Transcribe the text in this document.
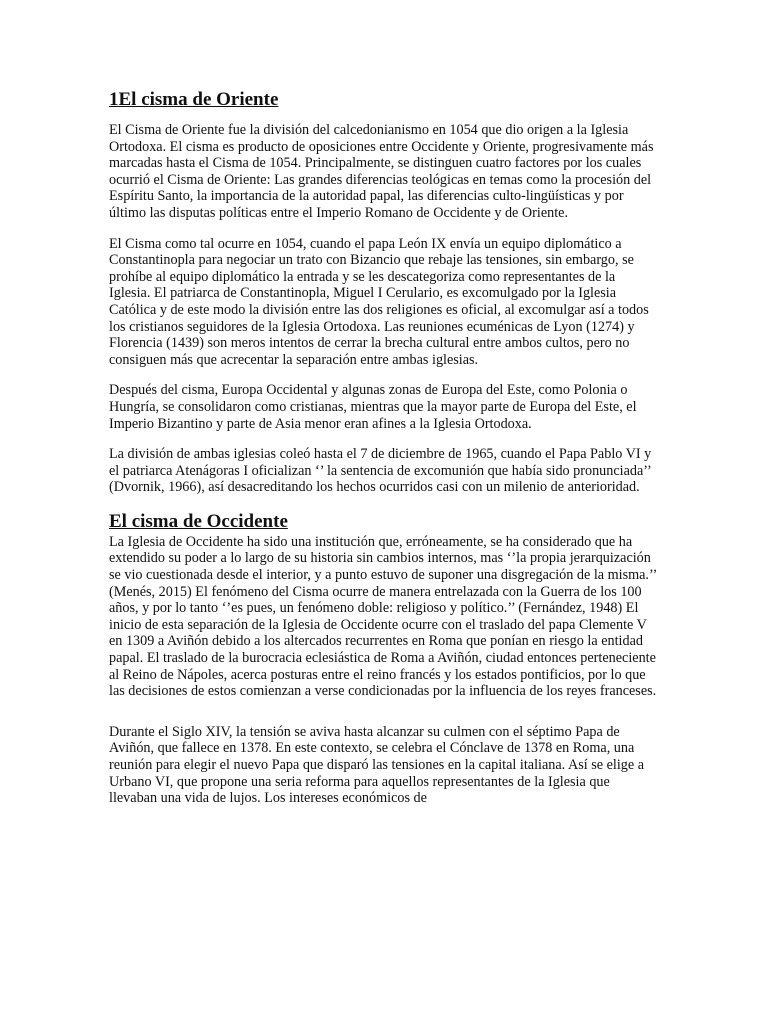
1El cisma de Oriente

El Cisma de Oriente fue la división del calcedonianismo en 1054 que dio origen a la Iglesia Ortodoxa. El cisma es producto de oposiciones entre Occidente y Oriente, progresivamente más marcadas hasta el Cisma de 1054. Principalmente, se distinguen cuatro factores por los cuales ocurrió el Cisma de Oriente: Las grandes diferencias teológicas en temas como la procesión del Espíritu Santo, la importancia de la autoridad papal, las diferencias culto-lingüísticas y por último las disputas políticas entre el Imperio Romano de Occidente y de Oriente.

El Cisma como tal ocurre en 1054, cuando el papa León IX envía un equipo diplomático a Constantinopla para negociar un trato con Bizancio que rebaje las tensiones, sin embargo, se prohíbe al equipo diplomático la entrada y se les descategoriza como representantes de la Iglesia. El patriarca de Constantinopla, Miguel I Cerulario, es excomulgado por la Iglesia Católica y de este modo la división entre las dos religiones es oficial, al excomulgar así a todos los cristianos seguidores de la Iglesia Ortodoxa. Las reuniones ecuménicas de Lyon (1274) y Florencia (1439) son meros intentos de cerrar la brecha cultural entre ambos cultos, pero no consiguen más que acrecentar la separación entre ambas iglesias.

Después del cisma, Europa Occidental y algunas zonas de Europa del Este, como Polonia o Hungría, se consolidaron como cristianas, mientras que la mayor parte de Europa del Este, el Imperio Bizantino y parte de Asia menor eran afines a la Iglesia Ortodoxa.

La división de ambas iglesias coleó hasta el 7 de diciembre de 1965, cuando el Papa Pablo VI y el patriarca Atenágoras I oficializan ‘’ la sentencia de excomunión que había sido pronunciada’’ (Dvornik, 1966), así desacreditando los hechos ocurridos casi con un milenio de anterioridad.

El cisma de Occidente

La Iglesia de Occidente ha sido una institución que, erróneamente, se ha considerado que ha extendido su poder a lo largo de su historia sin cambios internos, mas ‘’la propia jerarquización se vio cuestionada desde el interior, y a punto estuvo de suponer una disgregación de la misma.’’ (Menés, 2015) El fenómeno del Cisma ocurre de manera entrelazada con la Guerra de los 100 años, y por lo tanto ‘’es pues, un fenómeno doble: religioso y político.’’ (Fernández, 1948) El inicio de esta separación de la Iglesia de Occidente ocurre con el traslado del papa Clemente V en 1309 a Aviñón debido a los altercados recurrentes en Roma que ponían en riesgo la entidad papal. El traslado de la burocracia eclesiástica de Roma a Aviñón, ciudad entonces perteneciente al Reino de Nápoles, acerca posturas entre el reino francés y los estados pontificios, por lo que las decisiones de estos comienzan a verse condicionadas por la influencia de los reyes franceses.

Durante el Siglo XIV, la tensión se aviva hasta alcanzar su culmen con el séptimo Papa de Aviñón, que fallece en 1378. En este contexto, se celebra el Cónclave de 1378 en Roma, una reunión para elegir el nuevo Papa que disparó las tensiones en la capital italiana. Así se elige a Urbano VI, que propone una seria reforma para aquellos representantes de la Iglesia que llevaban una vida de lujos. Los intereses económicos de
